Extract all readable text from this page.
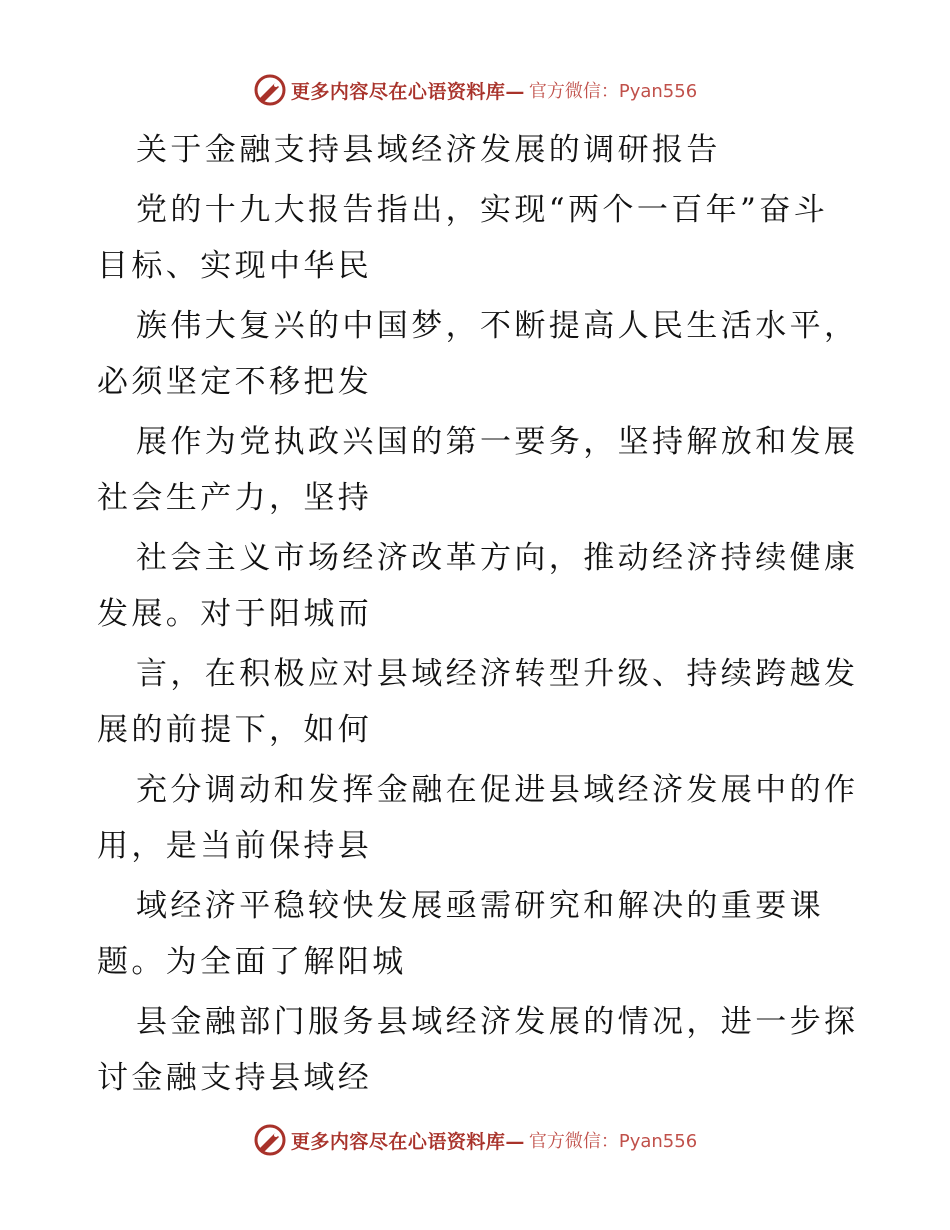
更多内容尽在心语资料库— 官方微信：Pyan556
关于金融支持县域经济发展的调研报告
党的十九大报告指出，实现“两个一百年”奋斗
目标、实现中华民
族伟大复兴的中国梦，不断提高人民生活水平，
必须坚定不移把发
展作为党执政兴国的第一要务，坚持解放和发展
社会生产力，坚持
社会主义市场经济改革方向，推动经济持续健康
发展。对于阳城而
言，在积极应对县域经济转型升级、持续跨越发
展的前提下，如何
充分调动和发挥金融在促进县域经济发展中的作
用，是当前保持县
域经济平稳较快发展亟需研究和解决的重要课
题。为全面了解阳城
县金融部门服务县域经济发展的情况，进一步探
讨金融支持县域经
更多内容尽在心语资料库— 官方微信：Pyan556
